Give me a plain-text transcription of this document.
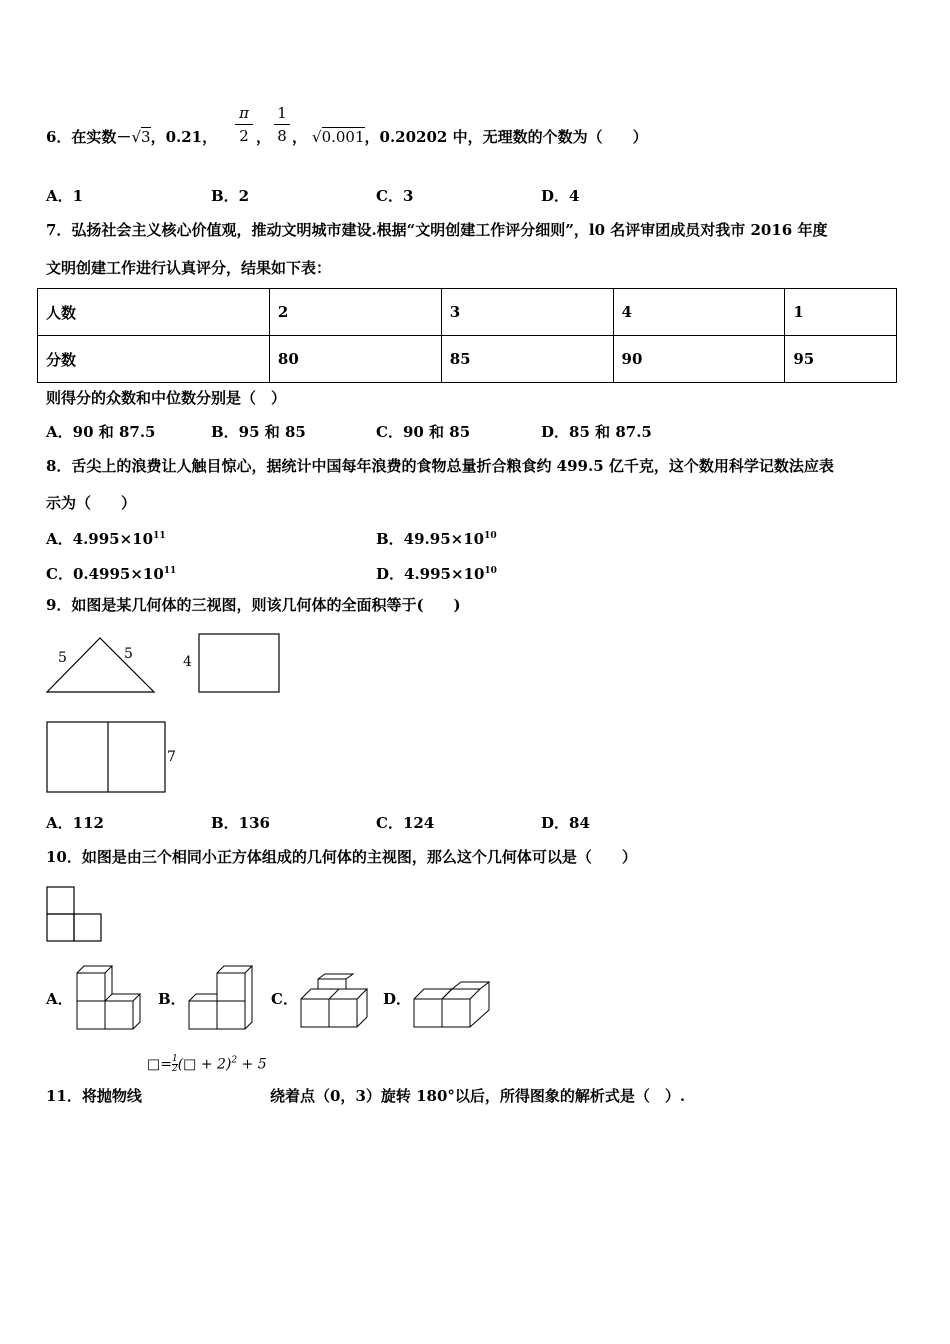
6．在实数－√3，0.21，
π
2 ，
1
8 ， √0.001，0.20202 中，无理数的个数为（　　）
A．1	B．2	C．3	D．4
7．弘扬社会主义核心价值观，推动文明城市建设.根据“文明创建工作评分细则”，l0 名评审团成员对我市 2016 年度
文明创建工作进行认真评分，结果如下表：
人数	2	3	4	1
分数	80	85	90	95
则得分的众数和中位数分别是（　）
A．90 和 87.5	B．95 和 85	C．90 和 85	D．85 和 87.5
8．舌尖上的浪费让人触目惊心，据统计中国每年浪费的食物总量折合粮食约 499.5 亿千克，这个数用科学记数法应表
示为（　　）
A．$4.995\times 10^{11}$	B．$49.95\times 10^{10}$
C．$0.4995\times 10^{11}$	D．$4.995\times 10^{10}$
9．如图是某几何体的三视图，则该几何体的全面积等于(　　)
5	5	4
7
A．112	B．136	C．124	D．84
10．如图是由三个相同小正方体组成的几何体的主视图，那么这个几何体可以是（　　）
A．	B．	C．	D．
□= $\frac{1}{2}$ (□ + 2)$^2$ + 5
11．将抛物线	绕着点（0，3）旋转 180°以后，所得图象的解析式是（　）.
